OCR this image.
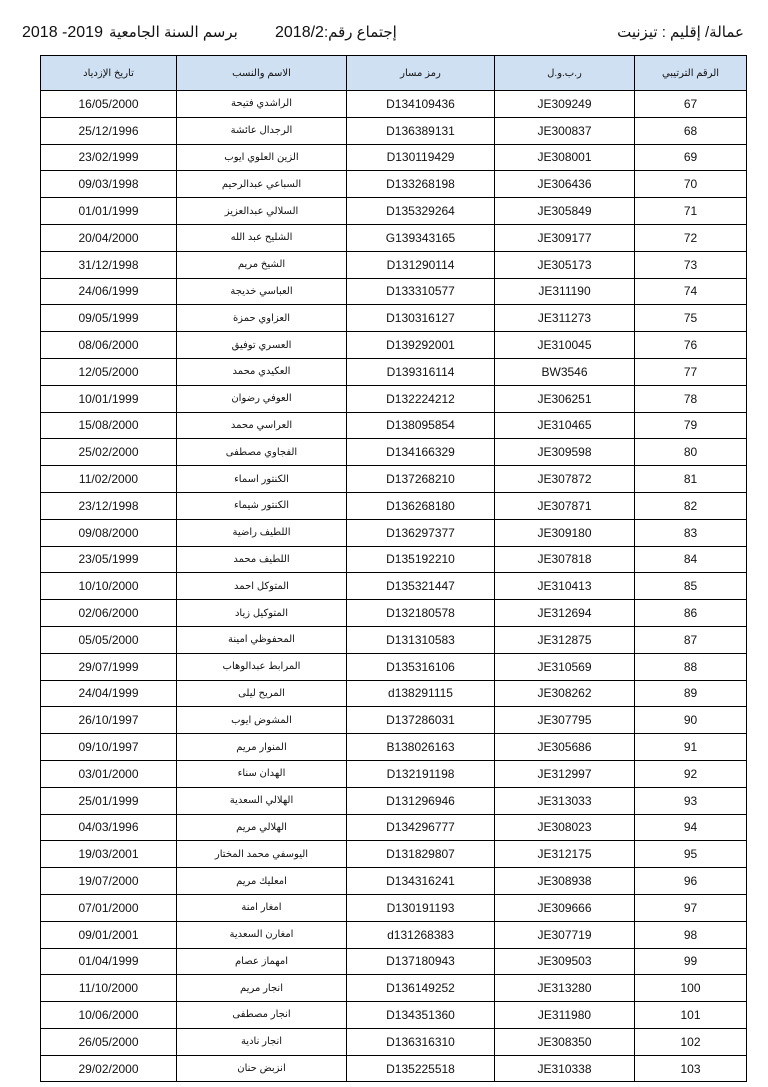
عمالة/ إقليم : تيزنيت
إجتماع رقم:2018/2
برسم السنة الجامعية2018 -2019
الرقم الترتيبي	ر.ب.و.ل	رمز مسار	الاسم والنسب	تاريخ الإزدياد
67	JE309249	D134109436	الراشدي فتيحة	16/05/2000
68	JE300837	D136389131	الرجدال عائشة	25/12/1996
69	JE308001	D130119429	الزين العلوي ايوب	23/02/1999
70	JE306436	D133268198	السباعي عبدالرحيم	09/03/1998
71	JE305849	D135329264	السلالي عبدالعزيز	01/01/1999
72	JE309177	G139343165	الشليح عبد الله	20/04/2000
73	JE305173	D131290114	الشيخ مريم	31/12/1998
74	JE311190	D133310577	العباسي خديجة	24/06/1999
75	JE311273	D130316127	العزاوي حمزة	09/05/1999
76	JE310045	D139292001	العسري توفيق	08/06/2000
77	BW3546	D139316114	العكيدي محمد	12/05/2000
78	JE306251	D132224212	العوفي رضوان	10/01/1999
79	JE310465	D138095854	العراسي محمد	15/08/2000
80	JE309598	D134166329	الفجاوي مصطفى	25/02/2000
81	JE307872	D137268210	الكنتور اسماء	11/02/2000
82	JE307871	D136268180	الكنتور شيماء	23/12/1998
83	JE309180	D136297377	اللطيف راضية	09/08/2000
84	JE307818	D135192210	اللطيف محمد	23/05/1999
85	JE310413	D135321447	المتوكل احمد	10/10/2000
86	JE312694	D132180578	المتوكيل زياد	02/06/2000
87	JE312875	D131310583	المحفوظي امينة	05/05/2000
88	JE310569	D135316106	المرابط عبدالوهاب	29/07/1999
89	JE308262	d138291115	المريح ليلى	24/04/1999
90	JE307795	D137286031	المشوض ايوب	26/10/1997
91	JE305686	B138026163	المنوار مريم	09/10/1997
92	JE312997	D132191198	الهدان سناء	03/01/2000
93	JE313033	D131296946	الهلالي السعدية	25/01/1999
94	JE308023	D134296777	الهلالي مريم	04/03/1996
95	JE312175	D131829807	اليوسفي محمد المختار	19/03/2001
96	JE308938	D134316241	امعليك مريم	19/07/2000
97	JE309666	D130191193	امغار امنة	07/01/2000
98	JE307719	d131268383	امغارن السعدية	09/01/2001
99	JE309503	D137180943	امهماز عصام	01/04/1999
100	JE313280	D136149252	انجار مريم	11/10/2000
101	JE311980	D134351360	انجار مصطفى	10/06/2000
102	JE308350	D136316310	انجار نادية	26/05/2000
103	JE310338	D135225518	انزبض حنان	29/02/2000
